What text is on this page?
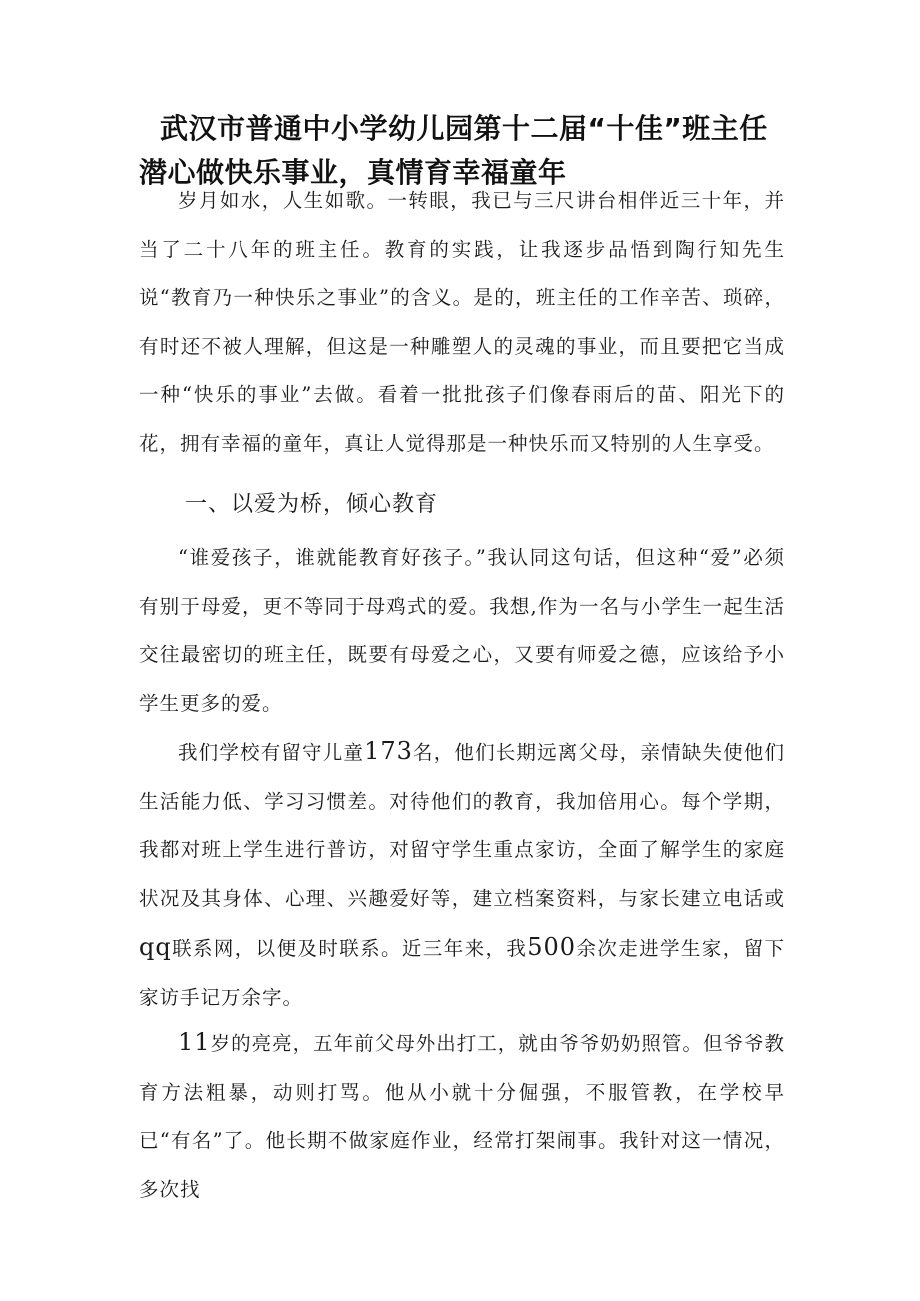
武汉市普通中小学幼儿园第十二届“十佳”班主任
潜心做快乐事业，真情育幸福童年

岁月如水，人生如歌。一转眼，我已与三尺讲台相伴近三十年，并当了二十八年的班主任。教育的实践，让我逐步品悟到陶行知先生说“教育乃一种快乐之事业”的含义。是的，班主任的工作辛苦、琐碎，有时还不被人理解，但这是一种雕塑人的灵魂的事业，而且要把它当成一种“快乐的事业”去做。看着一批批孩子们像春雨后的苗、阳光下的花，拥有幸福的童年，真让人觉得那是一种快乐而又特别的人生享受。

一、以爱为桥，倾心教育

“谁爱孩子，谁就能教育好孩子。”我认同这句话，但这种“爱”必须有别于母爱，更不等同于母鸡式的爱。我想,作为一名与小学生一起生活交往最密切的班主任，既要有母爱之心，又要有师爱之德，应该给予小学生更多的爱。

我们学校有留守儿童173名，他们长期远离父母，亲情缺失使他们生活能力低、学习习惯差。对待他们的教育，我加倍用心。每个学期，我都对班上学生进行普访，对留守学生重点家访，全面了解学生的家庭状况及其身体、心理、兴趣爱好等，建立档案资料，与家长建立电话或qq联系网，以便及时联系。近三年来，我500余次走进学生家，留下家访手记万余字。

11岁的亮亮，五年前父母外出打工，就由爷爷奶奶照管。但爷爷教育方法粗暴，动则打骂。他从小就十分倔强，不服管教，在学校早已“有名”了。他长期不做家庭作业，经常打架闹事。我针对这一情况，多次找
